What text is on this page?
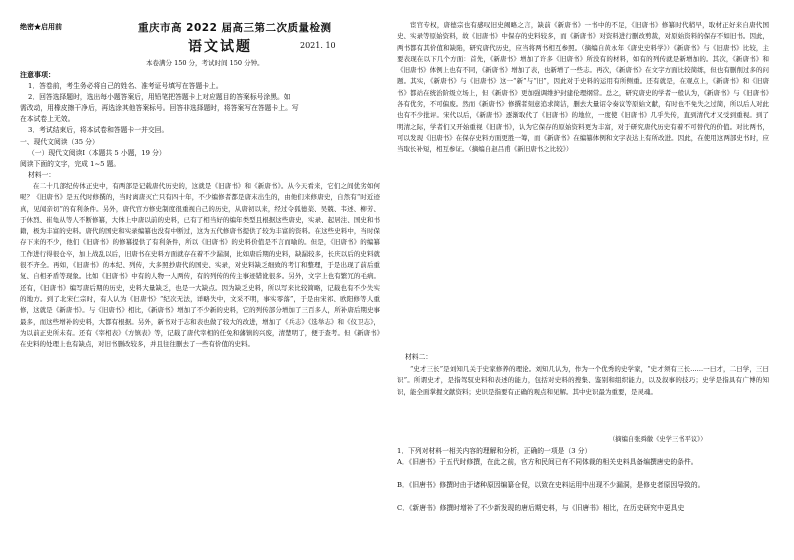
绝密★启用前	重庆市高 2022 届高三第二次质量检测
语文试题	2021. 10
本卷满分 150 分，考试时间 150 分钟。
注意事项：
1．答卷前，考生务必将自己的姓名、准考证号填写在答题卡上。
2．回答选择题时，选出每小题答案后，用铅笔把答题卡上对应题目的答案标号涂黑。如
需改动，用橡皮擦干净后，再选涂其他答案标号。回答非选择题时，将答案写在答题卡上。写
在本试卷上无效。
3．考试结束后，将本试卷和答题卡一并交回。
一、现代文阅读（35 分）
（一）现代文阅读Ⅰ（本题共 5 小题，19 分）
阅读下面的文字，完成 1~5 题。
材料一：

在二十几部纪传体正史中，有两部是记载唐代历史的，这就是《旧唐书》和《新唐书》。从今天看来，它们之间优劣如何呢？《旧唐书》是五代时修撰的，当时离唐灭亡只有四十年，不少编修者都是唐末出生的，由他们来修唐史，自然有“时近迹真，见闻亲切”的有利条件。另外，唐代官方修史制度很重视自己的历史，从唐初以来，经过令狐德棻、吴兢、韦述、柳芳、于休烈、崔龟从等人不断修纂，大体上中唐以前的史料，已有了相当好的编年类型且根据这些唐史，实录、起居注、国史和书籍，极为丰富的史料。唐代的国史和实录编纂也没有中断过，这为五代修唐书提供了较为丰富的资料。在这些史料中，当时保存下来的不少，他们《旧唐书》的修纂提供了有利条件，所以《旧唐书》的史料价值是不言而喻的。但是，《旧唐书》的编纂工作进行得很仓卒，加上战乱以后，旧唐书在史料方面就存在着不少漏洞，比如唐后期的史料，缺漏较多，长庆以后的史料就很不齐全。再如，《旧唐书》的本纪、列传，大多照抄唐代的国史、实录，对史料缺乏细致的考订和整理，于是出现了前后重复、自相矛盾等现象。比如《旧唐书》中有的人物一人两传，有的列传的传主事迹错讹很多。另外，文字上也有繁冗的毛病。还有，《旧唐书》编写唐后期的历史，史料大量缺乏，也是一大缺点。因为缺乏史料，所以写来比较简略，记载也有不少失实的地方。到了北宋仁宗时，有人认为《旧唐书》“纪次无法，详略失中，文采不明，事实零落”，于是由宋祁、欧阳修等人重修，这就是《新唐书》。与《旧唐书》相比，《新唐书》增加了不少新的史料，它的列传部分增加了三百多人，所补唐后期史事最多，而这些增补的史料，大都有根据。另外，新书对于志和表也做了较大的改进，增加了《兵志》《选举志》和《仪卫志》，为以前正史所未有。还有《宰相表》《方镇表》等，记载了唐代宰相的任免和藩镇的兴废，清楚明了，便于查考。但《新唐书》在史料的处理上也有缺点，对旧书删改较多，并且往往删去了一些有价值的史料。

宦官专权，唐德宗也有感叹旧史阙略之言，缺前《新唐书》一书中的不足，《旧唐书》修纂时代稍早，取材正好来自唐代国史、实录等原始资料，故《旧唐书》中保存的史料较多，而《新唐书》对资料进行删改剪裁，对原始资料的保存不如旧书。因此，两书都有其价值和缺陷，研究唐代历史，应当将两书相互参照。（摘编自黄永年《唐史史料学》）《新唐书》与《旧唐书》比较，主要表现在以下几个方面：首先，《新唐书》增加了许多《旧唐书》所没有的材料，如有的列传就是新增加的。其次，《新唐书》和《旧唐书》体例上也有不同，《新唐书》增加了表，也新增了一些志。再次，《新唐书》在文字方面比较简练，但也有删削过多的问题。其实，《新唐书》与《旧唐书》这一“新”与“旧”，因此对于史料的运用有所侧重。还有就是，在观点上，《新唐书》和《旧唐书》都站在统治阶级立场上，但《新唐书》更加强调维护封建伦理纲常。总之，研究唐史的学者一般认为，《新唐书》与《旧唐书》各有优劣，不可偏废。然而《新唐书》修撰者刻意追求简洁，删去大量诏令奏议等原始文献，有时也不免失之过简，所以后人对此也有不少批评。宋代以后，《新唐书》逐渐取代了《旧唐书》的地位，一度使《旧唐书》几乎失传，直到清代才又受到重视。到了明清之际，学者们又开始重视《旧唐书》，认为它保存的原始资料更为丰富，对于研究唐代历史有着不可替代的价值。对比两书，可以发现《旧唐书》在保存史料方面更胜一筹，而《新唐书》在编纂体例和文字表达上有所改进。因此，在使用这两部史书时，应当取长补短，相互参证。（摘编自赵吕甫《新旧唐书之比较》）

材料二：

“史才三长”是刘知几关于史家修养的理论。刘知几认为，作为一个优秀的史学家，“史才须有三长……一曰才，二曰学，三曰识”。所谓史才，是指驾驭史料和表述的能力，包括对史料的搜集、鉴别和组织能力，以及叙事的技巧；史学是指具有广博的知识，能全面掌握文献资料；史识是指要有正确的观点和见解。其中史识最为重要，是灵魂。

（摘编自张舜徽《史学三书平议》）
1．下列对材料一相关内容的理解和分析，正确的一项是（3 分）

A．《旧唐书》于五代时修撰，在此之前，官方和民间已有不同体裁的相关史料具备编撰唐史的条件。

B．《旧唐书》修撰时由于诸种原因编纂仓促，以致在史料运用中出现不少漏洞，是修史者原因导致的。

C．《新唐书》修撰时增补了不少新发现的唐后期史料，与《旧唐书》相比，在历史研究中更具史
